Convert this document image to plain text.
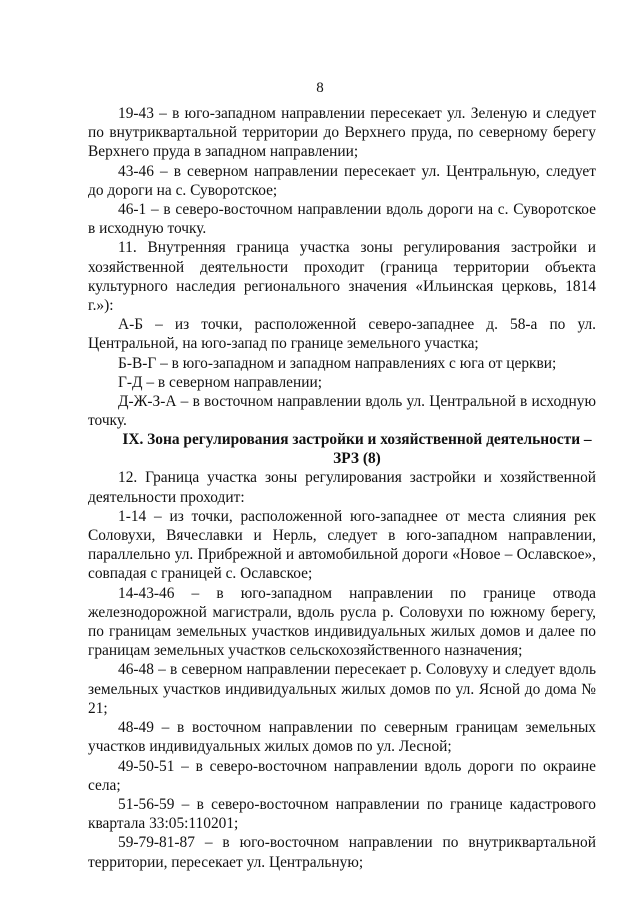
8

19-43 – в юго-западном направлении пересекает ул. Зеленую и следует по внутриквартальной территории до Верхнего пруда, по северному берегу Верхнего пруда в западном направлении;

43-46 – в северном направлении пересекает ул. Центральную, следует до дороги на с. Суворотское;

46-1 – в северо-восточном направлении вдоль дороги на с. Суворотское в исходную точку.

11. Внутренняя граница участка зоны регулирования застройки и хозяйственной деятельности проходит (граница территории объекта культурного наследия регионального значения «Ильинская церковь, 1814 г.»):

А-Б – из точки, расположенной северо-западнее д. 58-а по ул. Центральной, на юго-запад по границе земельного участка;

Б-В-Г – в юго-западном и западном направлениях с юга от церкви;

Г-Д – в северном направлении;

Д-Ж-З-А – в восточном направлении вдоль ул. Центральной в исходную точку.

IX. Зона регулирования застройки и хозяйственной деятельности –

ЗРЗ (8)

12. Граница участка зоны регулирования застройки и хозяйственной деятельности проходит:

1-14 – из точки, расположенной юго-западнее от места слияния рек Соловухи, Вячеславки и Нерль, следует в юго-западном направлении, параллельно ул. Прибрежной и автомобильной дороги «Новое – Ославское», совпадая с границей с. Ославское;

14-43-46 – в юго-западном направлении по границе отвода железнодорожной магистрали, вдоль русла р. Соловухи по южному берегу, по границам земельных участков индивидуальных жилых домов и далее по границам земельных участков сельскохозяйственного назначения;

46-48 – в северном направлении пересекает р. Соловуху и следует вдоль земельных участков индивидуальных жилых домов по ул. Ясной до дома № 21;

48-49 – в восточном направлении по северным границам земельных участков индивидуальных жилых домов по ул. Лесной;

49-50-51 – в северо-восточном направлении вдоль дороги по окраине села;

51-56-59 – в северо-восточном направлении по границе кадастрового квартала 33:05:110201;

59-79-81-87 – в юго-восточном направлении по внутриквартальной территории, пересекает ул. Центральную;
